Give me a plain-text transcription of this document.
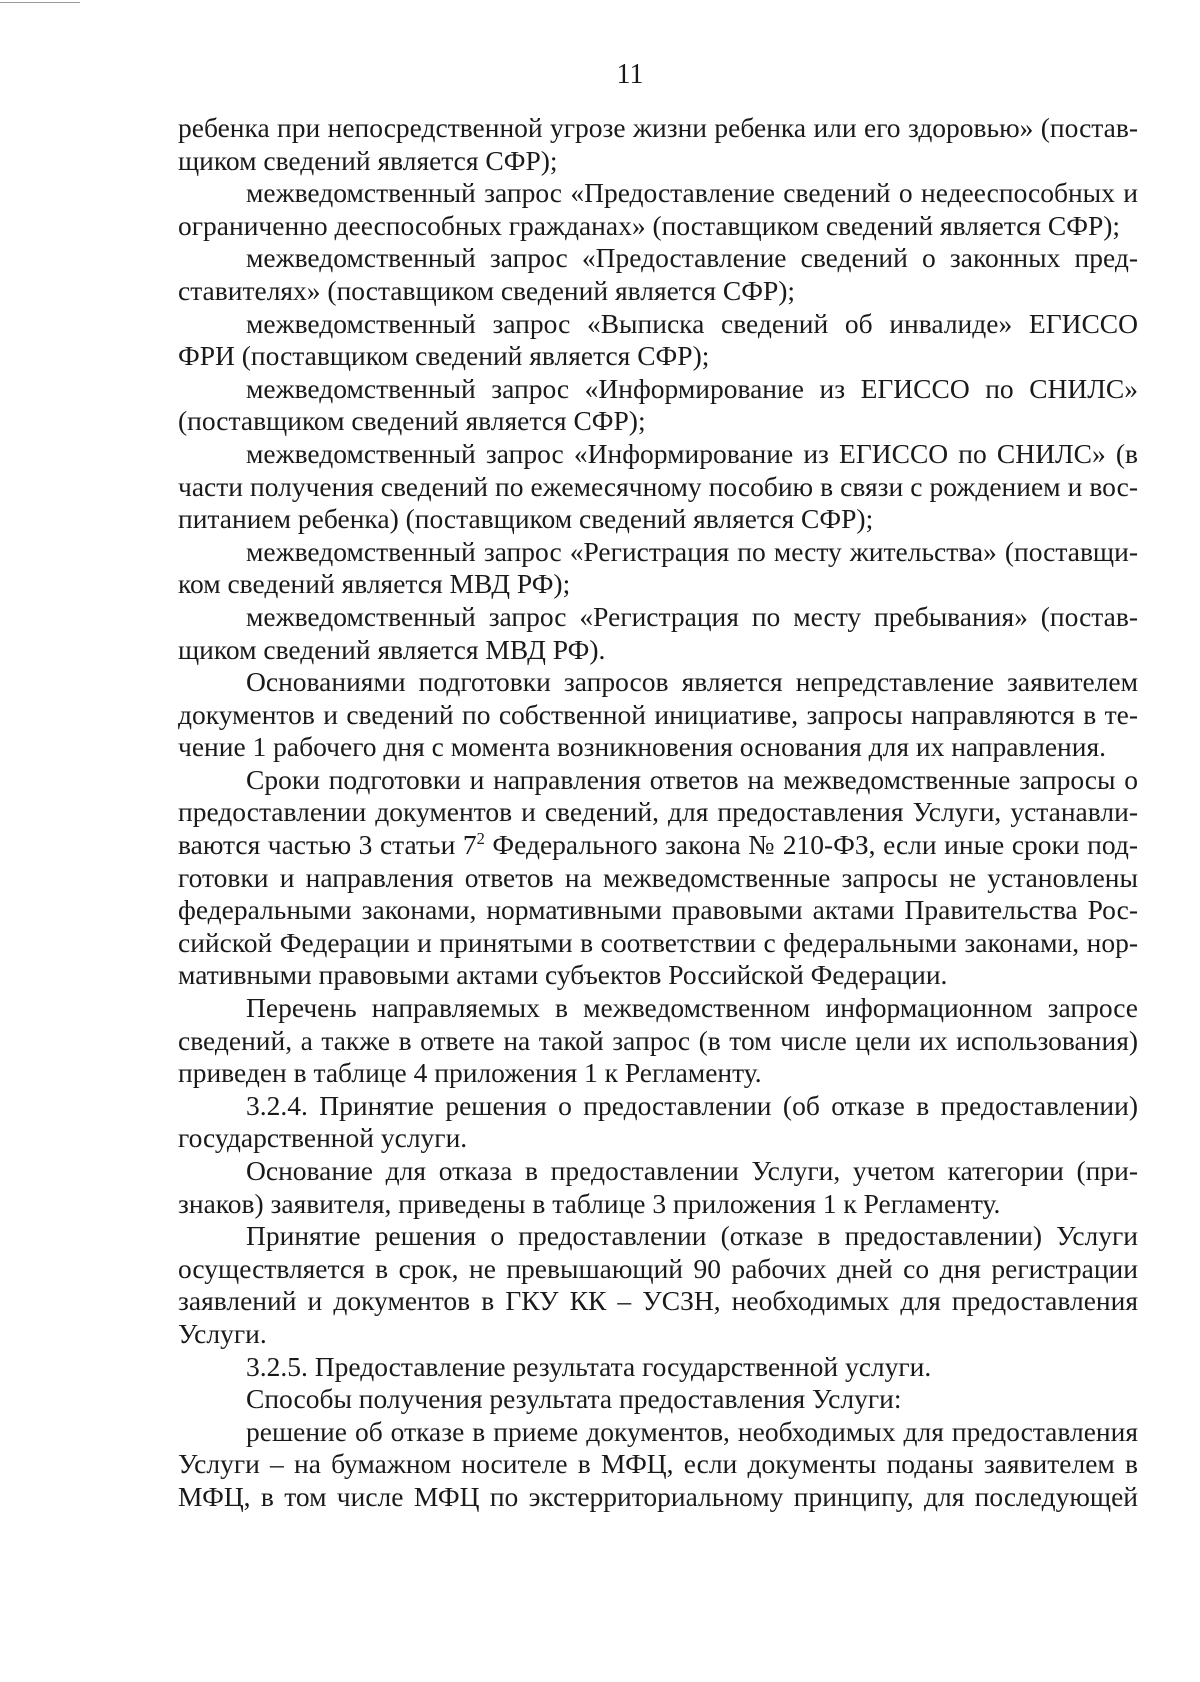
11

ребенка при непосредственной угрозе жизни ребенка или его здоровью» (поставщиком сведений является СФР);

межведомственный запрос «Предоставление сведений о недееспособных и ограниченно дееспособных гражданах» (поставщиком сведений является СФР);

межведомственный запрос «Предоставление сведений о законных представителях» (поставщиком сведений является СФР);

межведомственный запрос «Выписка сведений об инвалиде» ЕГИССО ФРИ (поставщиком сведений является СФР);

межведомственный запрос «Информирование из ЕГИССО по СНИЛС» (поставщиком сведений является СФР);

межведомственный запрос «Информирование из ЕГИССО по СНИЛС» (в части получения сведений по ежемесячному пособию в связи с рождением и воспитанием ребенка) (поставщиком сведений является СФР);

межведомственный запрос «Регистрация по месту жительства» (поставщиком сведений является МВД РФ);

межведомственный запрос «Регистрация по месту пребывания» (поставщиком сведений является МВД РФ).

Основаниями подготовки запросов является непредставление заявителем документов и сведений по собственной инициативе, запросы направляются в течение 1 рабочего дня с момента возникновения основания для их направления.

Сроки подготовки и направления ответов на межведомственные запросы о предоставлении документов и сведений, для предоставления Услуги, устанавливаются частью 3 статьи $7^2$ Федерального закона № 210-ФЗ, если иные сроки подготовки и направления ответов на межведомственные запросы не установлены федеральными законами, нормативными правовыми актами Правительства Российской Федерации и принятыми в соответствии с федеральными законами, нормативными правовыми актами субъектов Российской Федерации.

Перечень направляемых в межведомственном информационном запросе сведений, а также в ответе на такой запрос (в том числе цели их использования) приведен в таблице 4 приложения 1 к Регламенту.

3.2.4. Принятие решения о предоставлении (об отказе в предоставлении) государственной услуги.

Основание для отказа в предоставлении Услуги, учетом категории (признаков) заявителя, приведены в таблице 3 приложения 1 к Регламенту.

Принятие решения о предоставлении (отказе в предоставлении) Услуги осуществляется в срок, не превышающий 90 рабочих дней со дня регистрации заявлений и документов в ГКУ КК – УСЗН, необходимых для предоставления Услуги.

3.2.5. Предоставление результата государственной услуги.

Способы получения результата предоставления Услуги:

решение об отказе в приеме документов, необходимых для предоставления Услуги – на бумажном носителе в МФЦ, если документы поданы заявителем в МФЦ, в том числе МФЦ по экстерриториальному принципу, для последующей
